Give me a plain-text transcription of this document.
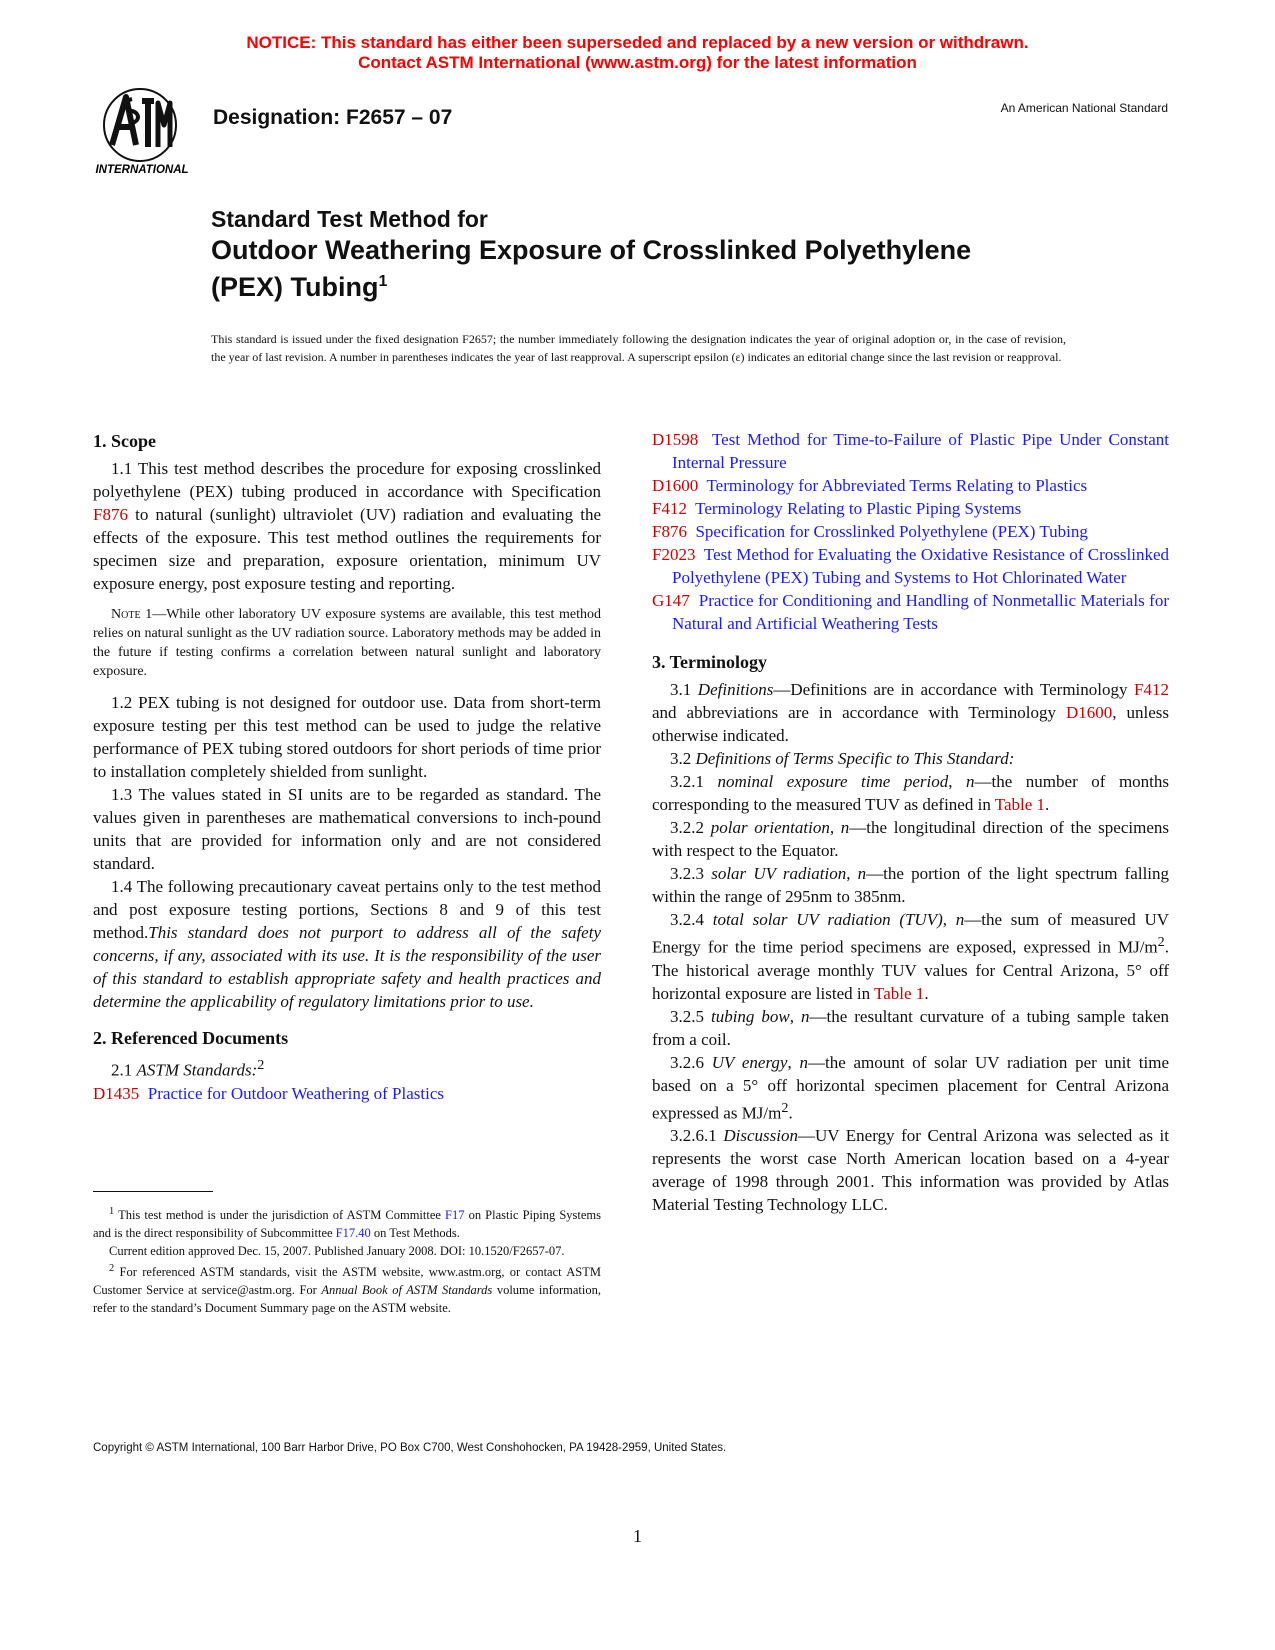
NOTICE: This standard has either been superseded and replaced by a new version or withdrawn.
Contact ASTM International (www.astm.org) for the latest information
INTERNATIONAL
Designation: F2657 – 07	An American National Standard
Standard Test Method for
Outdoor Weathering Exposure of Crosslinked Polyethylene
(PEX) Tubing$^1$
This standard is issued under the fixed designation F2657; the number immediately following the designation indicates the year of original adoption or, in the case of revision, the year of last revision. A number in parentheses indicates the year of last reapproval. A superscript epsilon (ε) indicates an editorial change since the last revision or reapproval.

1. Scope

1.1 This test method describes the procedure for exposing crosslinked polyethylene (PEX) tubing produced in accordance with Specification F876 to natural (sunlight) ultraviolet (UV) radiation and evaluating the effects of the exposure. This test method outlines the requirements for specimen size and preparation, exposure orientation, minimum UV exposure energy, post exposure testing and reporting.

Note 1—While other laboratory UV exposure systems are available, this test method relies on natural sunlight as the UV radiation source. Laboratory methods may be added in the future if testing confirms a correlation between natural sunlight and laboratory exposure.

1.2 PEX tubing is not designed for outdoor use. Data from short-term exposure testing per this test method can be used to judge the relative performance of PEX tubing stored outdoors for short periods of time prior to installation completely shielded from sunlight.

1.3 The values stated in SI units are to be regarded as standard. The values given in parentheses are mathematical conversions to inch-pound units that are provided for information only and are not considered standard.

1.4 The following precautionary caveat pertains only to the test method and post exposure testing portions, Sections 8 and 9 of this test method.This standard does not purport to address all of the safety concerns, if any, associated with its use. It is the responsibility of the user of this standard to establish appropriate safety and health practices and determine the applicability of regulatory limitations prior to use.

2. Referenced Documents

2.1 ASTM Standards:$^2$

D1435 Practice for Outdoor Weathering of Plastics

D1598 Test Method for Time-to-Failure of Plastic Pipe Under Constant Internal Pressure

D1600 Terminology for Abbreviated Terms Relating to Plastics

F412 Terminology Relating to Plastic Piping Systems

F876 Specification for Crosslinked Polyethylene (PEX) Tubing

F2023 Test Method for Evaluating the Oxidative Resistance of Crosslinked Polyethylene (PEX) Tubing and Systems to Hot Chlorinated Water

G147 Practice for Conditioning and Handling of Nonmetallic Materials for Natural and Artificial Weathering Tests

3. Terminology

3.1 Definitions—Definitions are in accordance with Terminology F412 and abbreviations are in accordance with Terminology D1600, unless otherwise indicated.

3.2 Definitions of Terms Specific to This Standard:

3.2.1 nominal exposure time period, n—the number of months corresponding to the measured TUV as defined in Table 1.

3.2.2 polar orientation, n—the longitudinal direction of the specimens with respect to the Equator.

3.2.3 solar UV radiation, n—the portion of the light spectrum falling within the range of 295nm to 385nm.

3.2.4 total solar UV radiation (TUV), n—the sum of measured UV Energy for the time period specimens are exposed, expressed in $MJ/m^2$. The historical average monthly TUV values for Central Arizona, 5° off horizontal exposure are listed in Table 1.

3.2.5 tubing bow, n—the resultant curvature of a tubing sample taken from a coil.

3.2.6 UV energy, n—the amount of solar UV radiation per unit time based on a 5° off horizontal specimen placement for Central Arizona expressed as $MJ/m^2$.

3.2.6.1 Discussion—UV Energy for Central Arizona was selected as it represents the worst case North American location based on a 4-year average of 1998 through 2001. This information was provided by Atlas Material Testing Technology LLC.

$^1$ This test method is under the jurisdiction of ASTM Committee F17 on Plastic Piping Systems and is the direct responsibility of Subcommittee F17.40 on Test Methods.

Current edition approved Dec. 15, 2007. Published January 2008. DOI: 10.1520/F2657-07.

$^2$ For referenced ASTM standards, visit the ASTM website, www.astm.org, or contact ASTM Customer Service at service@astm.org. For Annual Book of ASTM Standards volume information, refer to the standard’s Document Summary page on the ASTM website.

Copyright © ASTM International, 100 Barr Harbor Drive, PO Box C700, West Conshohocken, PA 19428-2959, United States.
1
